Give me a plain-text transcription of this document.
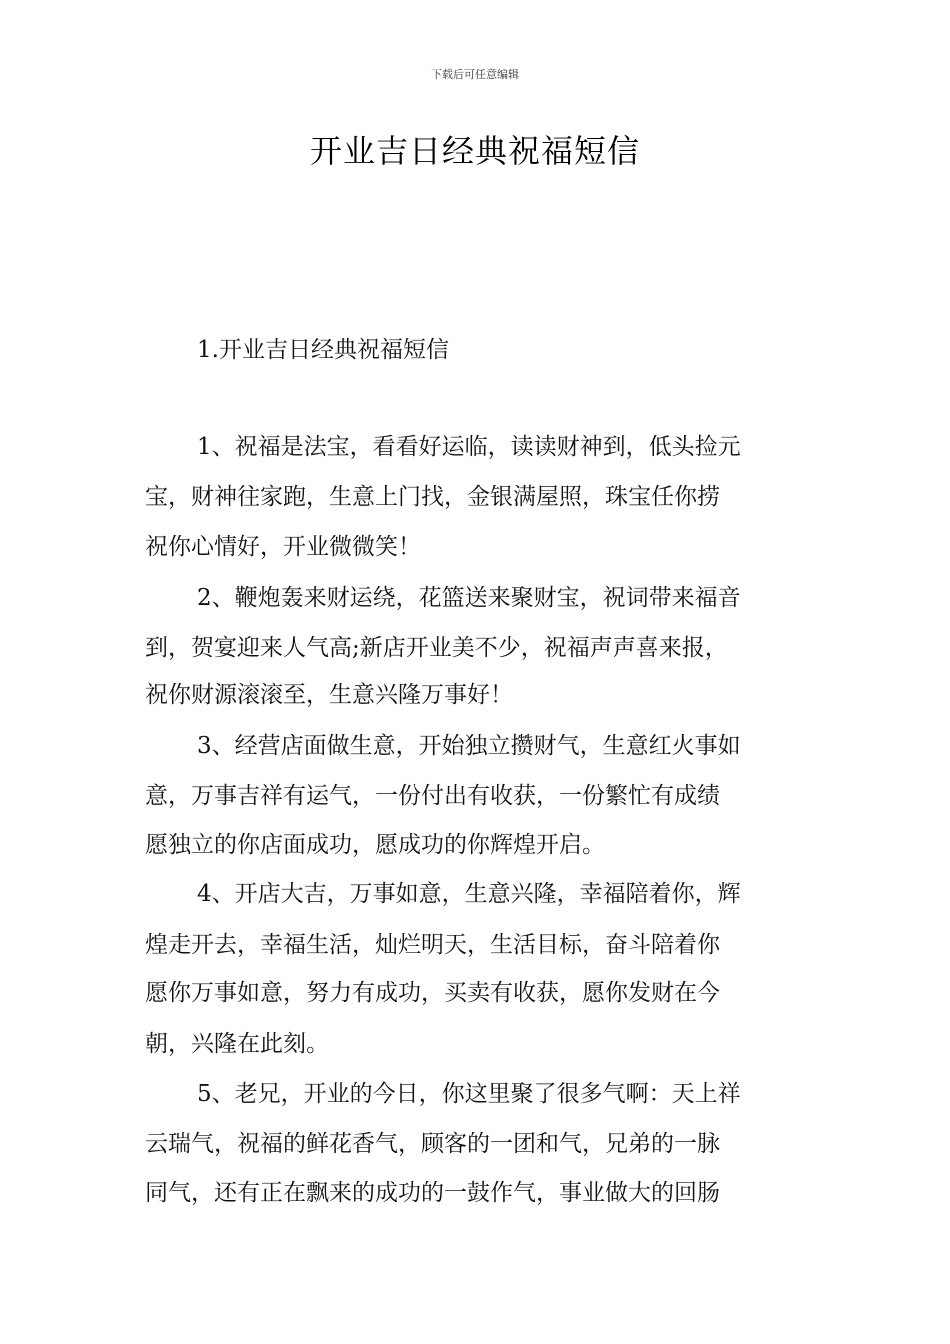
下载后可任意编辑
开业吉日经典祝福短信
1.开业吉日经典祝福短信
1、祝福是法宝，看看好运临，读读财神到，低头捡元
宝，财神往家跑，生意上门找，金银满屋照，珠宝任你捞
祝你心情好，开业微微笑！
2、鞭炮轰来财运绕，花篮送来聚财宝，祝词带来福音
到，贺宴迎来人气高;新店开业美不少，祝福声声喜来报，
祝你财源滚滚至，生意兴隆万事好！
3、经营店面做生意，开始独立攒财气，生意红火事如
意，万事吉祥有运气，一份付出有收获，一份繁忙有成绩
愿独立的你店面成功，愿成功的你辉煌开启。
4、开店大吉，万事如意，生意兴隆，幸福陪着你，辉
煌走开去，幸福生活，灿烂明天，生活目标，奋斗陪着你
愿你万事如意，努力有成功，买卖有收获，愿你发财在今
朝，兴隆在此刻。
5、老兄，开业的今日，你这里聚了很多气啊：天上祥
云瑞气，祝福的鲜花香气，顾客的一团和气，兄弟的一脉
同气，还有正在飘来的成功的一鼓作气，事业做大的回肠
